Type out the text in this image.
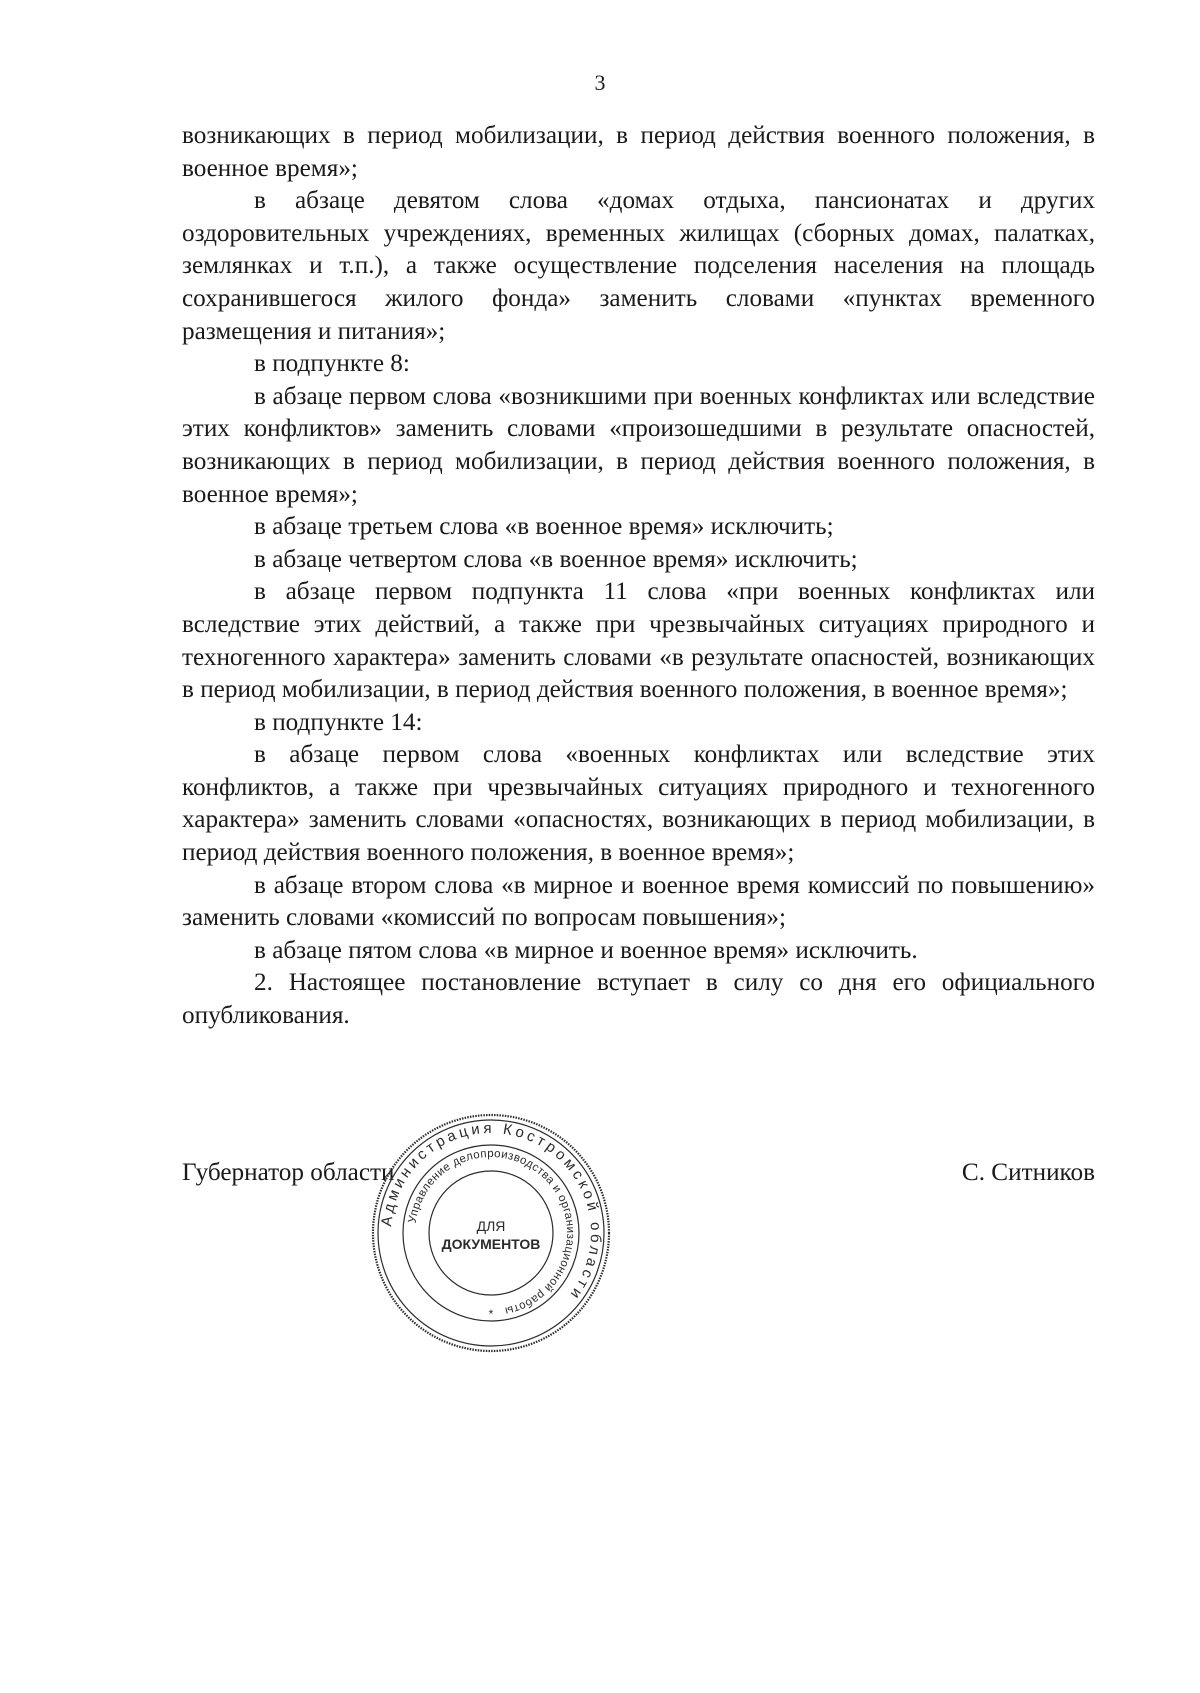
3

возникающих в период мобилизации, в период действия военного положения, в военное время»;

в абзаце девятом слова «домах отдыха, пансионатах и других оздоровительных учреждениях, временных жилищах (сборных домах, палатках, землянках и т.п.), а также осуществление подселения населения на площадь сохранившегося жилого фонда» заменить словами «пунктах временного размещения и питания»;

в подпункте 8:

в абзаце первом слова «возникшими при военных конфликтах или вследствие этих конфликтов» заменить словами «произошедшими в результате опасностей, возникающих в период мобилизации, в период действия военного положения, в военное время»;

в абзаце третьем слова «в военное время» исключить;

в абзаце четвертом слова «в военное время» исключить;

в абзаце первом подпункта 11 слова «при военных конфликтах или вследствие этих действий, а также при чрезвычайных ситуациях природного и техногенного характера» заменить словами «в результате опасностей, возникающих в период мобилизации, в период действия военного положения, в военное время»;

в подпункте 14:

в абзаце первом слова «военных конфликтах или вследствие этих конфликтов, а также при чрезвычайных ситуациях природного и техногенного характера» заменить словами «опасностях, возникающих в период мобилизации, в период действия военного положения, в военное время»;

в абзаце втором слова «в мирное и военное время комиссий по повышению» заменить словами «комиссий по вопросам повышения»;

в абзаце пятом слова «в мирное и военное время» исключить.

2. Настоящее постановление вступает в силу со дня его официального опубликования.

Губернатор области	С. Ситников
Администрация Костромской области
Управление делопроизводства и организационной работы
ДЛЯ
ДОКУМЕНТОВ
*
